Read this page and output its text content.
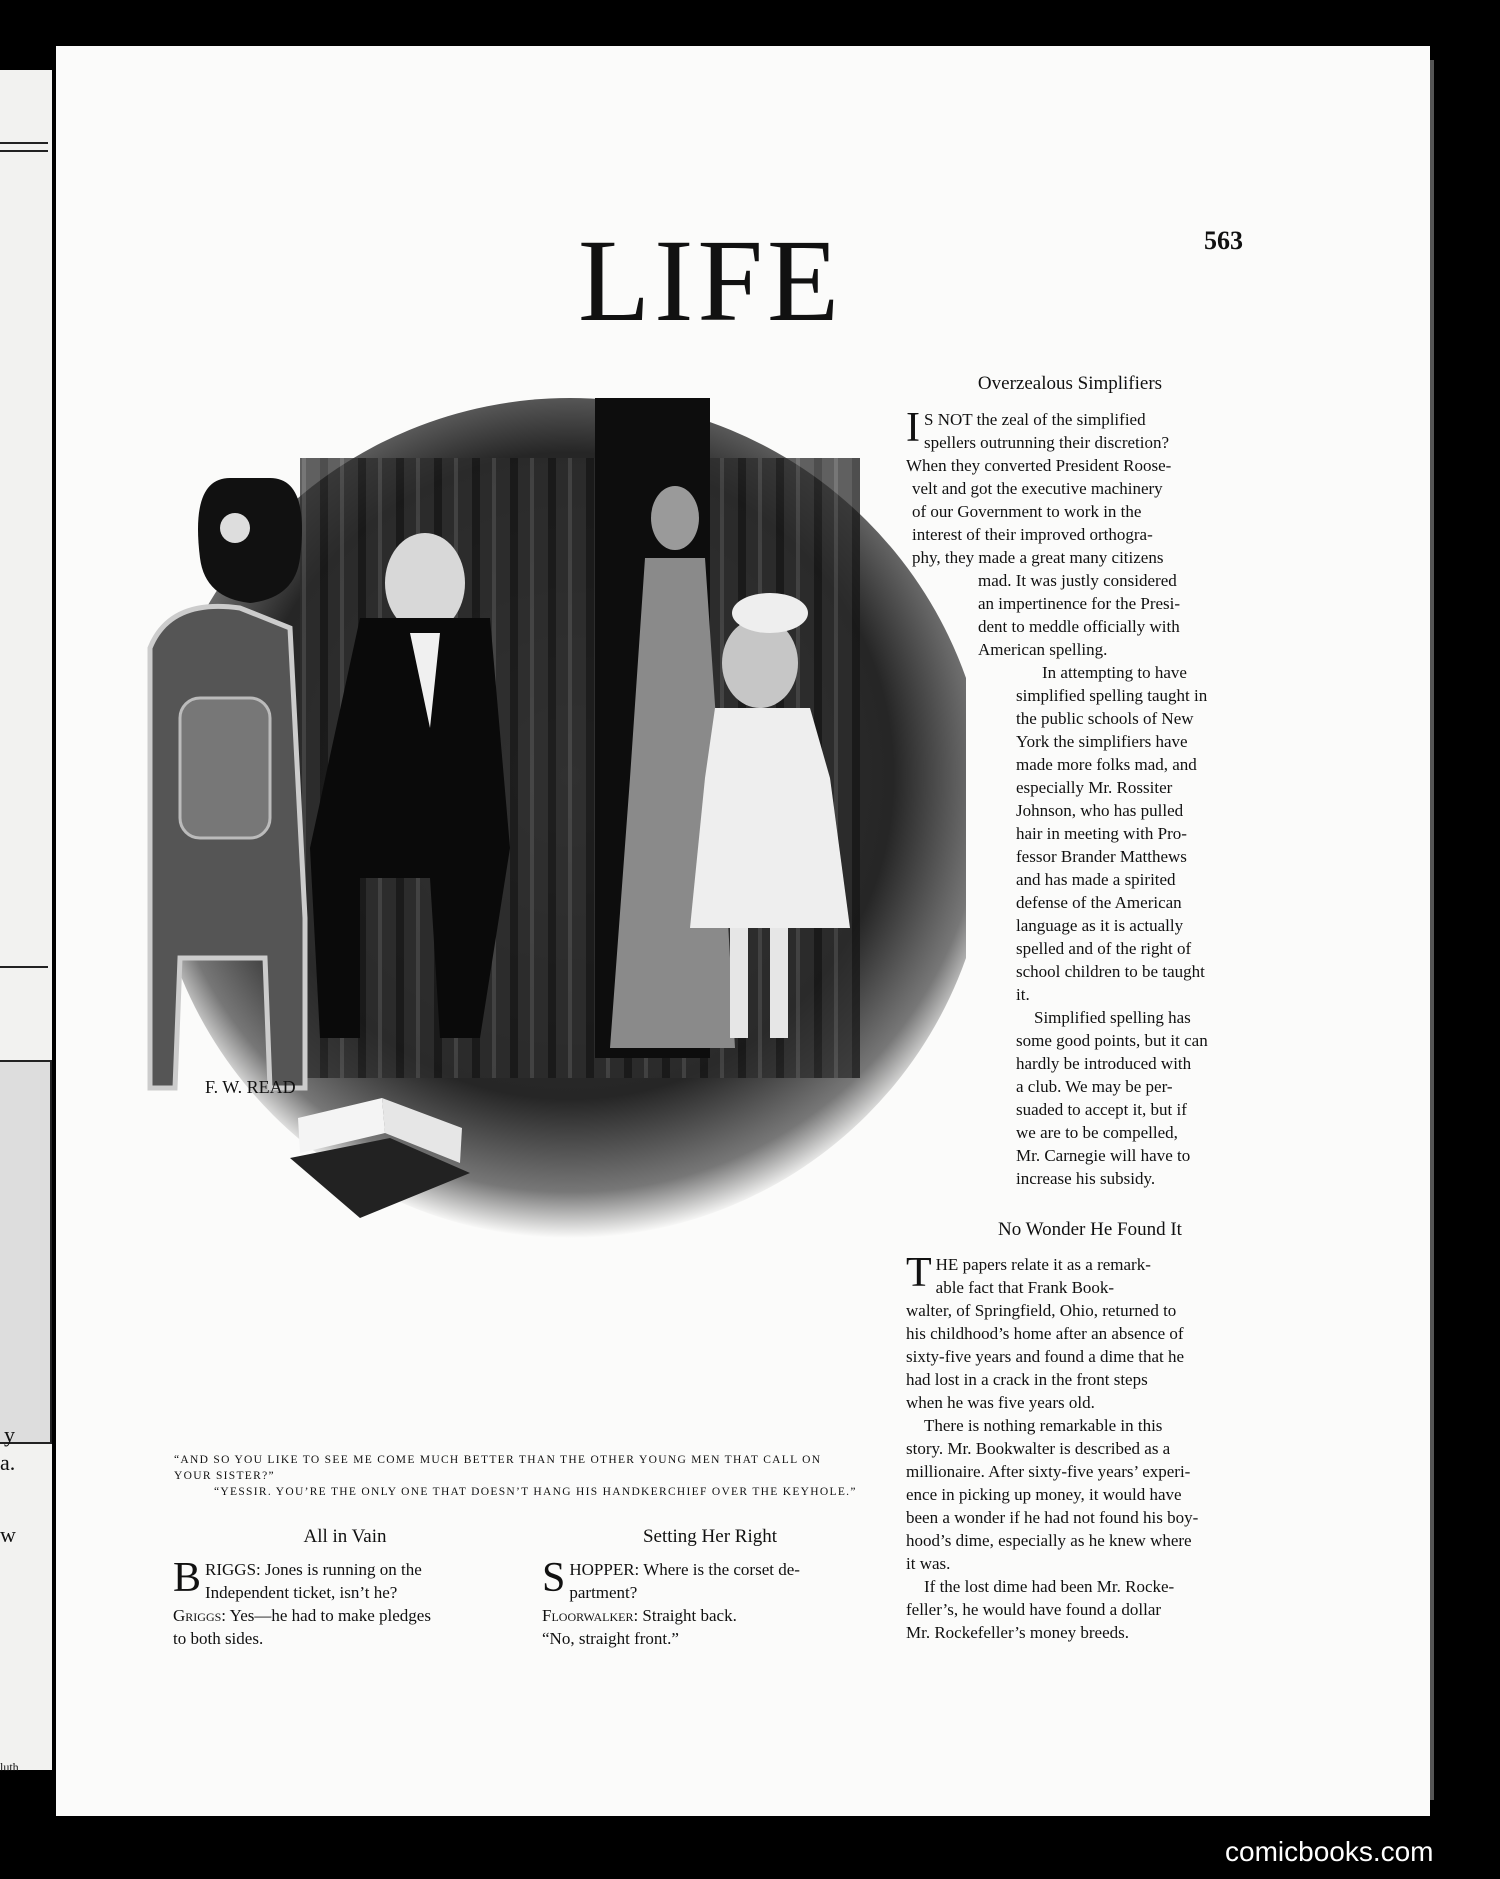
y
a.
w
luth
LIFE	563
F. W. READ
“AND SO YOU LIKE TO SEE ME COME MUCH BETTER THAN THE OTHER YOUNG MEN THAT CALL ON
YOUR SISTER?”
“YESSIR. YOU’RE THE ONLY ONE THAT DOESN’T HANG HIS HANDKERCHIEF OVER THE KEYHOLE.”
All in Vain
B RIGGS: Jones is running on the
Independent ticket, isn’t he?
Griggs: Yes—he had to make pledges
to both sides.
Setting Her Right
S HOPPER: Where is the corset de-
partment?
Floorwalker: Straight back.
“No, straight front.”
Overzealous Simplifiers
I S NOT the zeal of the simplified
spellers outrunning their discretion?
When they converted President Roose-
velt and got the executive machinery
of our Government to work in the
interest of their improved orthogra-
phy, they made a great many citizens
mad. It was justly considered
an impertinence for the Presi-
dent to meddle officially with
American spelling.
In attempting to have
simplified spelling taught in
the public schools of New
York the simplifiers have
made more folks mad, and
especially Mr. Rossiter
Johnson, who has pulled
hair in meeting with Pro-
fessor Brander Matthews
and has made a spirited
defense of the American
language as it is actually
spelled and of the right of
school children to be taught
it.
Simplified spelling has
some good points, but it can
hardly be introduced with
a club. We may be per-
suaded to accept it, but if
we are to be compelled,
Mr. Carnegie will have to
increase his subsidy.
No Wonder He Found It
T HE papers relate it as a remark-
able fact that Frank Book-
walter, of Springfield, Ohio, returned to
his childhood’s home after an absence of
sixty-five years and found a dime that he
had lost in a crack in the front steps
when he was five years old.
There is nothing remarkable in this
story. Mr. Bookwalter is described as a
millionaire. After sixty-five years’ experi-
ence in picking up money, it would have
been a wonder if he had not found his boy-
hood’s dime, especially as he knew where
it was.
If the lost dime had been Mr. Rocke-
feller’s, he would have found a dollar
Mr. Rockefeller’s money breeds.
comicbooks.com
